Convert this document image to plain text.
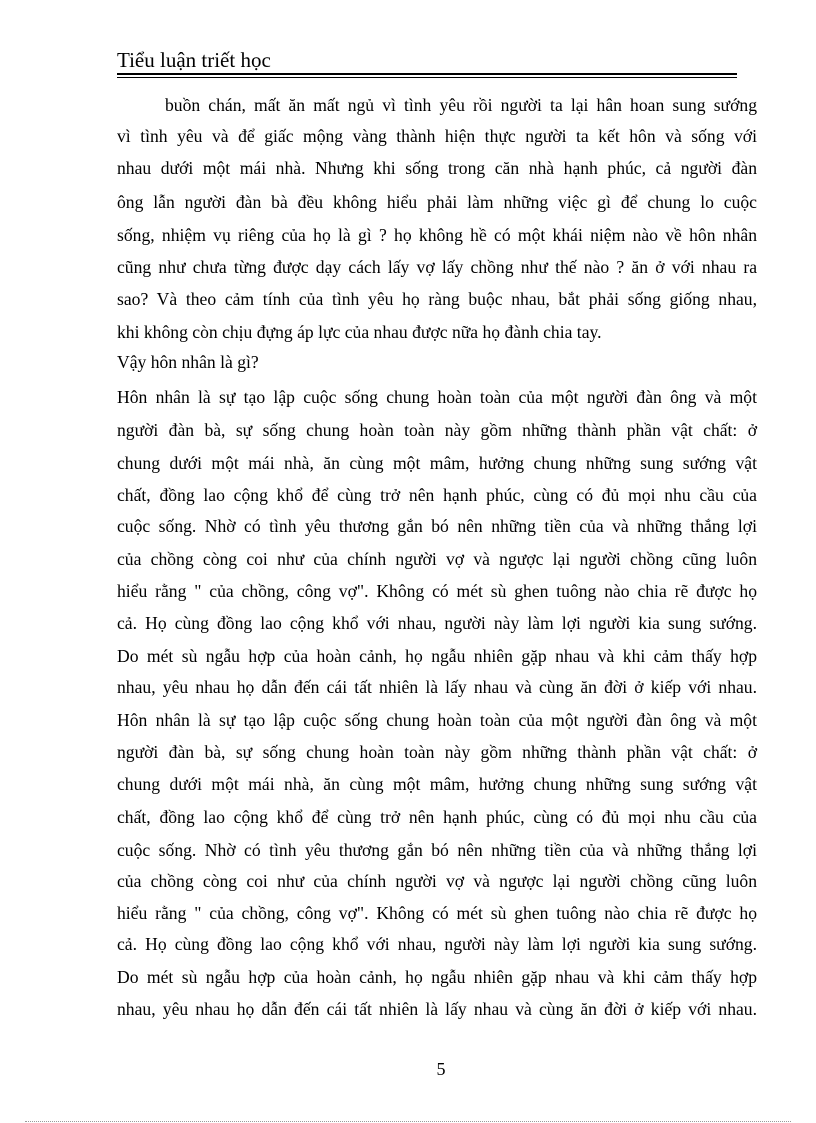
Tiểu luận triết học
buồn chán, mất ăn mất ngủ vì tình yêu rồi người ta lại hân hoan sung sướng
vì tình yêu và để giấc mộng vàng thành hiện thực người ta kết hôn và sống với
nhau dưới một mái nhà. Nhưng khi sống trong căn nhà hạnh phúc, cả người đàn
ông lẫn người đàn bà đều không hiểu phải làm những việc gì để chung lo cuộc
sống, nhiệm vụ riêng của họ là gì ? họ không hề có một khái niệm nào về hôn nhân
cũng như chưa từng được dạy cách lấy vợ lấy chồng như thế nào ? ăn ở với nhau ra
sao? Và theo cảm tính của tình yêu họ ràng buộc nhau, bắt phải sống giống nhau,
khi không còn chịu đựng áp lực của nhau được nữa họ đành chia tay.
Vậy hôn nhân là gì?
Hôn nhân là sự tạo lập cuộc sống chung hoàn toàn của một người đàn ông và một
người đàn bà, sự sống chung hoàn toàn này gồm những thành phần vật chất: ở
chung dưới một mái nhà, ăn cùng một mâm, hưởng chung những sung sướng vật
chất, đồng lao cộng khổ để cùng trở nên hạnh phúc, cùng có đủ mọi nhu cầu của
cuộc sống. Nhờ có tình yêu thương gắn bó nên những tiền của và những thắng lợi
của chồng còng coi như của chính người vợ và ngược lại người chồng cũng luôn
hiểu rằng " của chồng, công vợ". Không có mét sù ghen tuông nào chia rẽ được họ
cả. Họ cùng đồng lao cộng khổ với nhau, người này làm lợi người kia sung sướng.
Do mét sù ngẫu hợp của hoàn cảnh, họ ngẫu nhiên gặp nhau và khi cảm thấy hợp
nhau, yêu nhau họ dẫn đến cái tất nhiên là lấy nhau và cùng ăn đời ở kiếp với nhau.
Hôn nhân là sự tạo lập cuộc sống chung hoàn toàn của một người đàn ông và một
người đàn bà, sự sống chung hoàn toàn này gồm những thành phần vật chất: ở
chung dưới một mái nhà, ăn cùng một mâm, hưởng chung những sung sướng vật
chất, đồng lao cộng khổ để cùng trở nên hạnh phúc, cùng có đủ mọi nhu cầu của
cuộc sống. Nhờ có tình yêu thương gắn bó nên những tiền của và những thắng lợi
của chồng còng coi như của chính người vợ và ngược lại người chồng cũng luôn
hiểu rằng " của chồng, công vợ". Không có mét sù ghen tuông nào chia rẽ được họ
cả. Họ cùng đồng lao cộng khổ với nhau, người này làm lợi người kia sung sướng.
Do mét sù ngẫu hợp của hoàn cảnh, họ ngẫu nhiên gặp nhau và khi cảm thấy hợp
nhau, yêu nhau họ dẫn đến cái tất nhiên là lấy nhau và cùng ăn đời ở kiếp với nhau.
5
